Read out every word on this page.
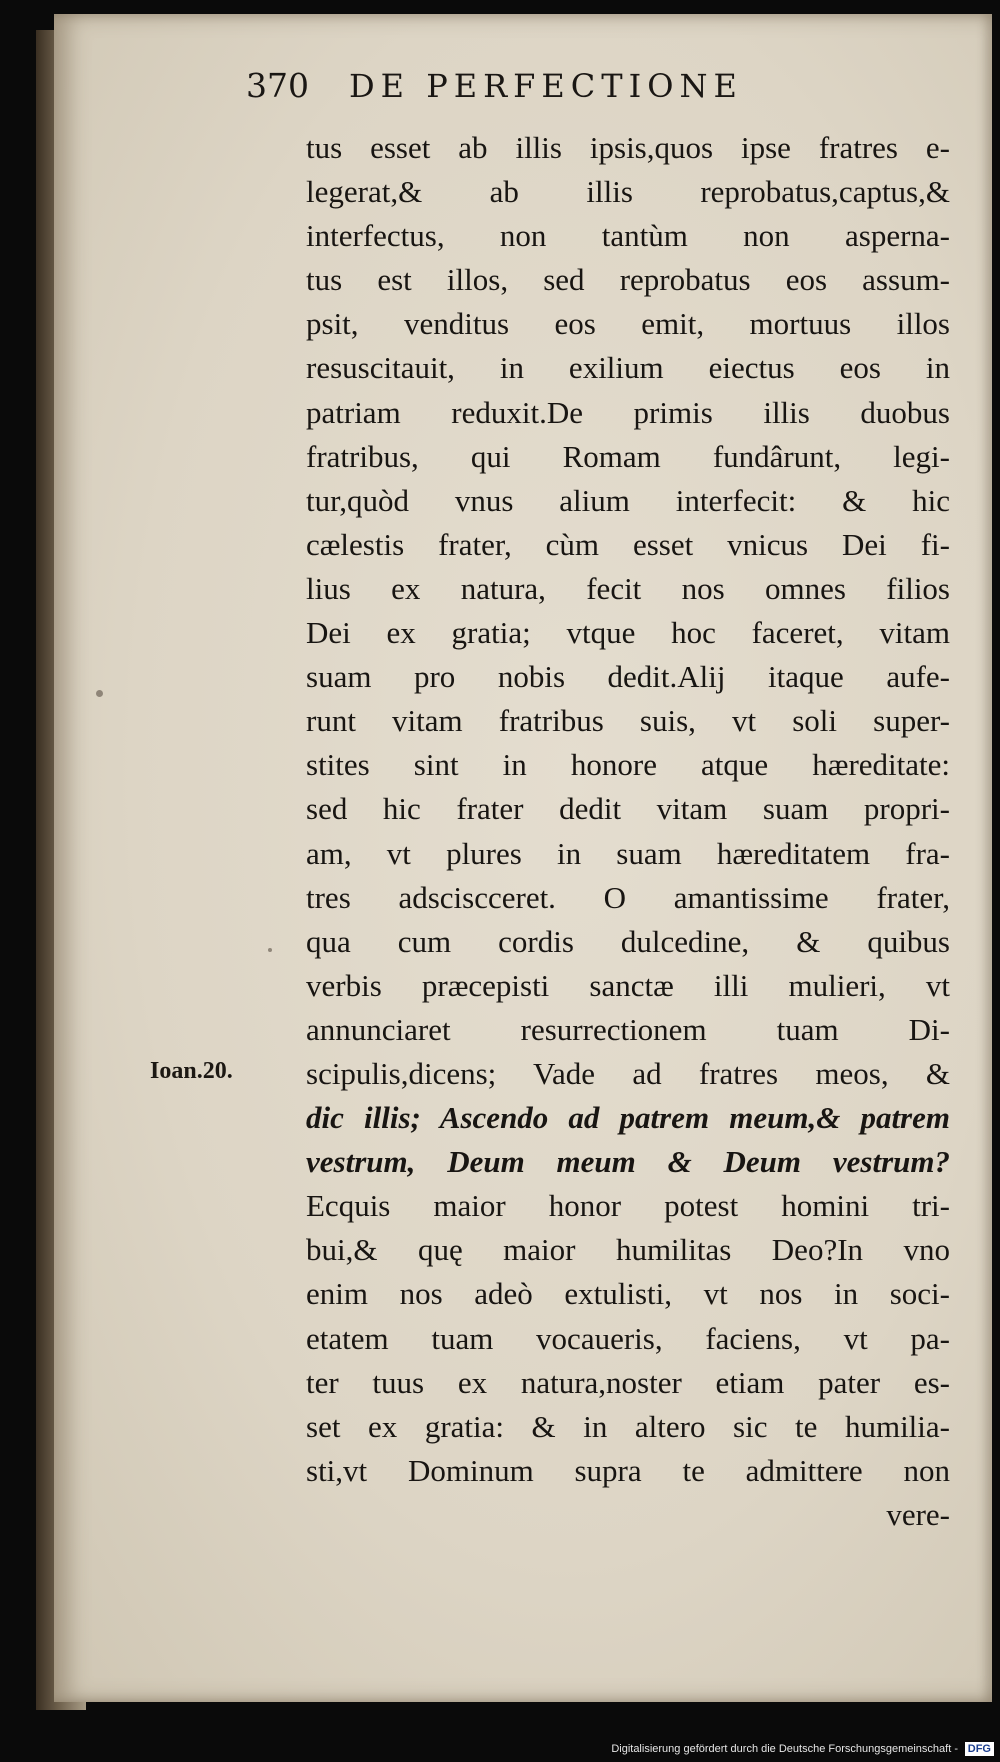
370 DE PERFECTIONE
Ioan.20.
tus esset ab illis ipsis,quos ipse fratres e-
legerat,& ab illis reprobatus,captus,&
interfectus, non tantùm non asperna-
tus est illos, sed reprobatus eos assum-
psit, venditus eos emit, mortuus illos
resuscitauit, in exilium eiectus eos in
patriam reduxit.De primis illis duobus
fratribus, qui Romam fundârunt, legi-
tur,quòd vnus alium interfecit: & hic
cælestis frater, cùm esset vnicus Dei fi-
lius ex natura, fecit nos omnes filios
Dei ex gratia; vtque hoc faceret, vitam
suam pro nobis dedit.Alij itaque aufe-
runt vitam fratribus suis, vt soli super-
stites sint in honore atque hæreditate:
sed hic frater dedit vitam suam propri-
am, vt plures in suam hæreditatem fra-
tres adsciscceret. O amantissime frater,
qua cum cordis dulcedine, & quibus
verbis præcepisti sanctæ illi mulieri, vt
annunciaret resurrectionem tuam Di-
scipulis,dicens; Vade ad fratres meos, &
dic illis; Ascendo ad patrem meum,& patrem
vestrum, Deum meum & Deum vestrum?
Ecquis maior honor potest homini tri-
bui,& quę maior humilitas Deo?In vno
enim nos adeò extulisti, vt nos in soci-
etatem tuam vocaueris, faciens, vt pa-
ter tuus ex natura,noster etiam pater es-
set ex gratia: & in altero sic te humilia-
sti,vt Dominum supra te admittere non
vere-
Digitalisierung gefördert durch die Deutsche Forschungsgemeinschaft - DFG
